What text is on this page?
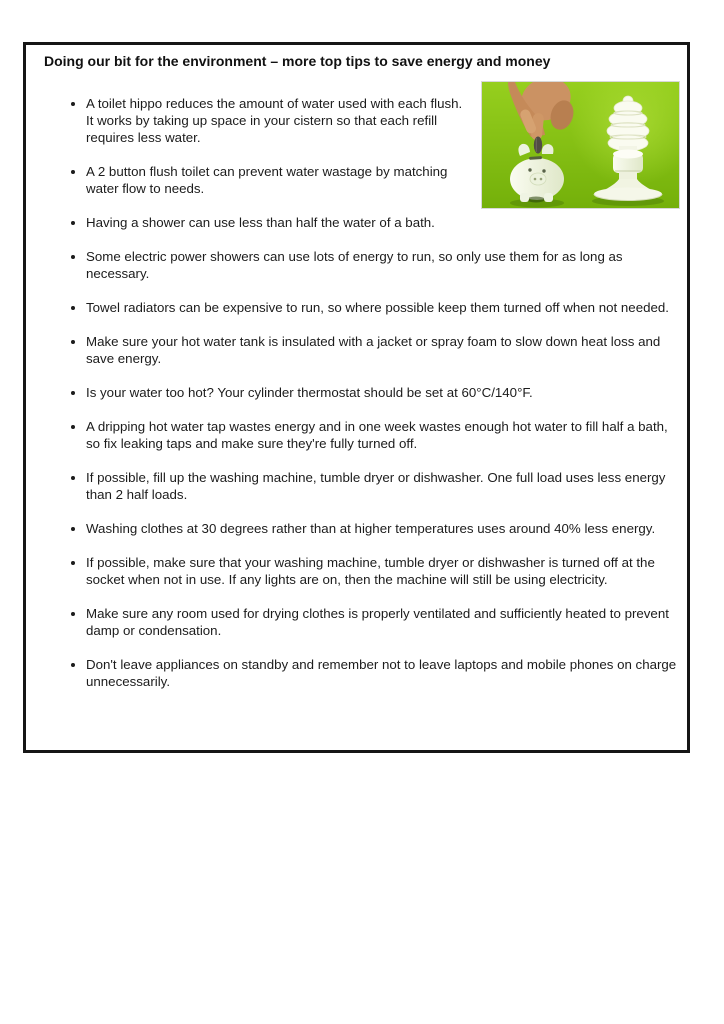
Doing our bit for the environment – more top tips to save energy and money
• A toilet hippo reduces the amount of water used with each flush. It works by taking up space in your cistern so that each refill requires less water.
• A 2 button flush toilet can prevent water wastage by matching water flow to needs.
• Having a shower can use less than half the water of a bath.
• Some electric power showers can use lots of energy to run, so only use them for as long as necessary.
• Towel radiators can be expensive to run, so where possible keep them turned off when not needed.
• Make sure your hot water tank is insulated with a jacket or spray foam to slow down heat loss and save energy.
• Is your water too hot? Your cylinder thermostat should be set at 60°C/140°F.
• A dripping hot water tap wastes energy and in one week wastes enough hot water to fill half a bath, so fix leaking taps and make sure they're fully turned off.
• If possible, fill up the washing machine, tumble dryer or dishwasher. One full load uses less energy than 2 half loads.
• Washing clothes at 30 degrees rather than at higher temperatures uses around 40% less energy.
• If possible, make sure that your washing machine, tumble dryer or dishwasher is turned off at the socket when not in use. If any lights are on, then the machine will still be using electricity.
• Make sure any room used for drying clothes is properly ventilated and sufficiently heated to prevent damp or condensation.
• Don't leave appliances on standby and remember not to leave laptops and mobile phones on charge unnecessarily.
